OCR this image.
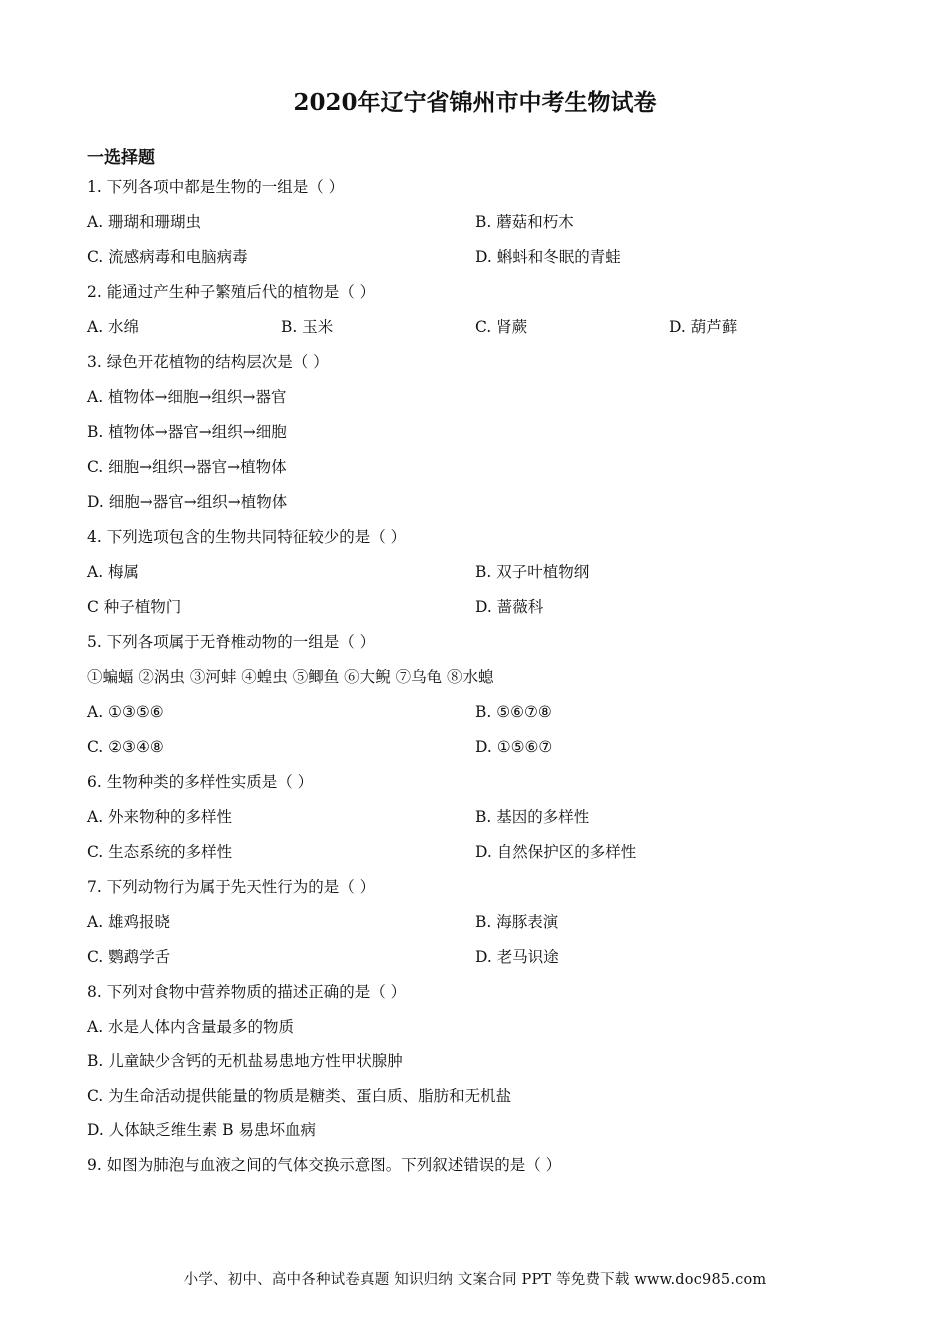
2020年辽宁省锦州市中考生物试卷
一选择题
1. 下列各项中都是生物的一组是（ ）
A. 珊瑚和珊瑚虫	B. 蘑菇和朽木
C. 流感病毒和电脑病毒	D. 蝌蚪和冬眠的青蛙
2. 能通过产生种子繁殖后代的植物是（ ）
A. 水绵	B. 玉米	C. 肾蕨	D. 葫芦藓
3. 绿色开花植物的结构层次是（ ）
A. 植物体→细胞→组织→器官
B. 植物体→器官→组织→细胞
C. 细胞→组织→器官→植物体
D. 细胞→器官→组织→植物体
4. 下列选项包含的生物共同特征较少的是（ ）
A. 梅属	B. 双子叶植物纲
C 种子植物门	D. 蔷薇科
5. 下列各项属于无脊椎动物的一组是（ ）
①蝙蝠 ②涡虫 ③河蚌 ④蝗虫 ⑤鲫鱼 ⑥大鲵 ⑦乌龟 ⑧水螅
A. ①③⑤⑥	B. ⑤⑥⑦⑧
C. ②③④⑧	D. ①⑤⑥⑦
6. 生物种类的多样性实质是（ ）
A. 外来物种的多样性	B. 基因的多样性
C. 生态系统的多样性	D. 自然保护区的多样性
7. 下列动物行为属于先天性行为的是（ ）
A. 雄鸡报晓	B. 海豚表演
C. 鹦鹉学舌	D. 老马识途
8. 下列对食物中营养物质的描述正确的是（ ）
A. 水是人体内含量最多的物质
B. 儿童缺少含钙的无机盐易患地方性甲状腺肿
C. 为生命活动提供能量的物质是糖类、蛋白质、脂肪和无机盐
D. 人体缺乏维生素 B 易患坏血病
9. 如图为肺泡与血液之间的气体交换示意图。下列叙述错误的是（ ）
小学、初中、高中各种试卷真题 知识归纳 文案合同 PPT 等免费下载 www.doc985.com
